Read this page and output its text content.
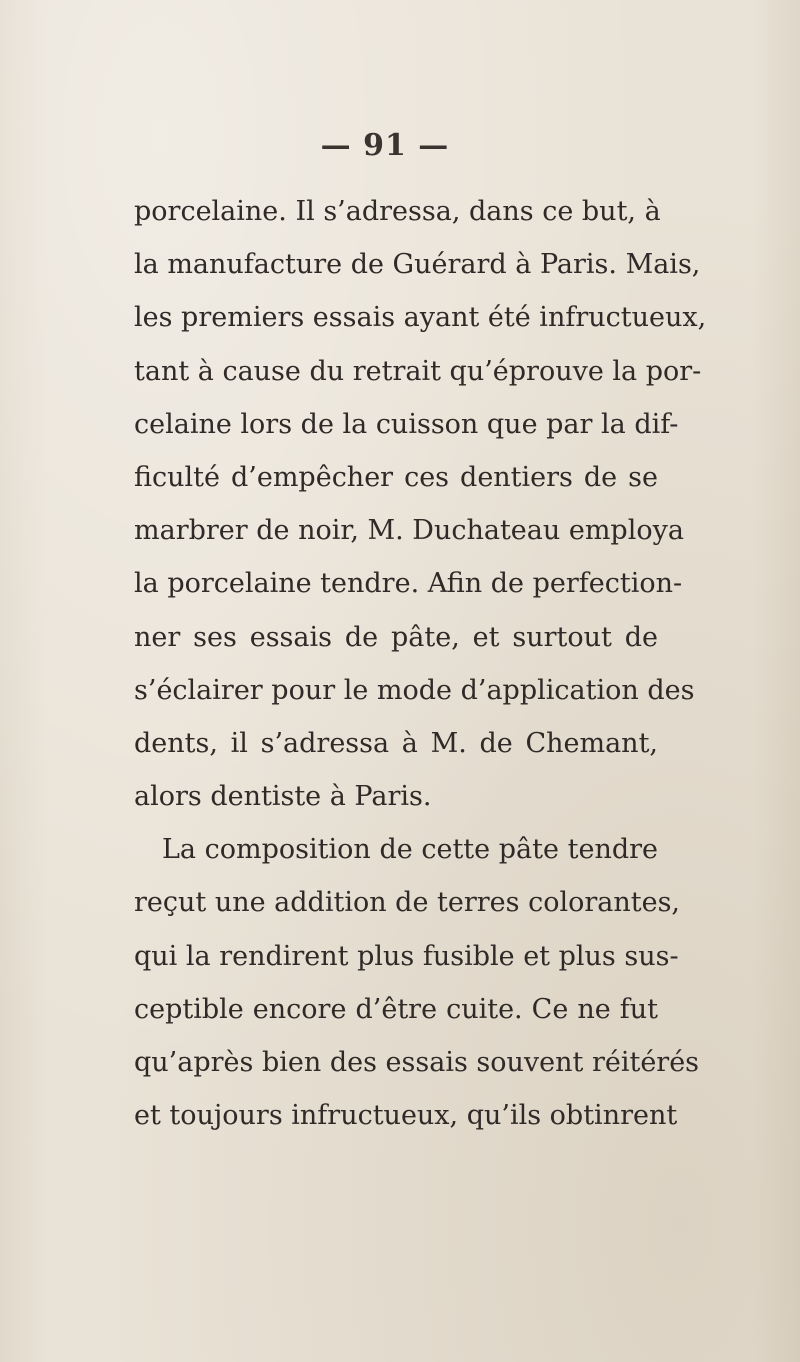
— 91 —
porcelaine. Il s’adressa, dans ce but, à
la manufacture de Guérard à Paris. Mais,
les premiers essais ayant été infructueux,
tant à cause du retrait qu’éprouve la por-
celaine lors de la cuisson que par la dif-
ficulté d’empêcher ces dentiers de se
marbrer de noir, M. Duchateau employa
la porcelaine tendre. Afin de perfection-
ner ses essais de pâte, et surtout de
s’éclairer pour le mode d’application des
dents, il s’adressa à M. de Chemant,
alors dentiste à Paris.
La composition de cette pâte tendre
reçut une addition de terres colorantes,
qui la rendirent plus fusible et plus sus-
ceptible encore d’être cuite. Ce ne fut
qu’après bien des essais souvent réitérés
et toujours infructueux, qu’ils obtinrent
